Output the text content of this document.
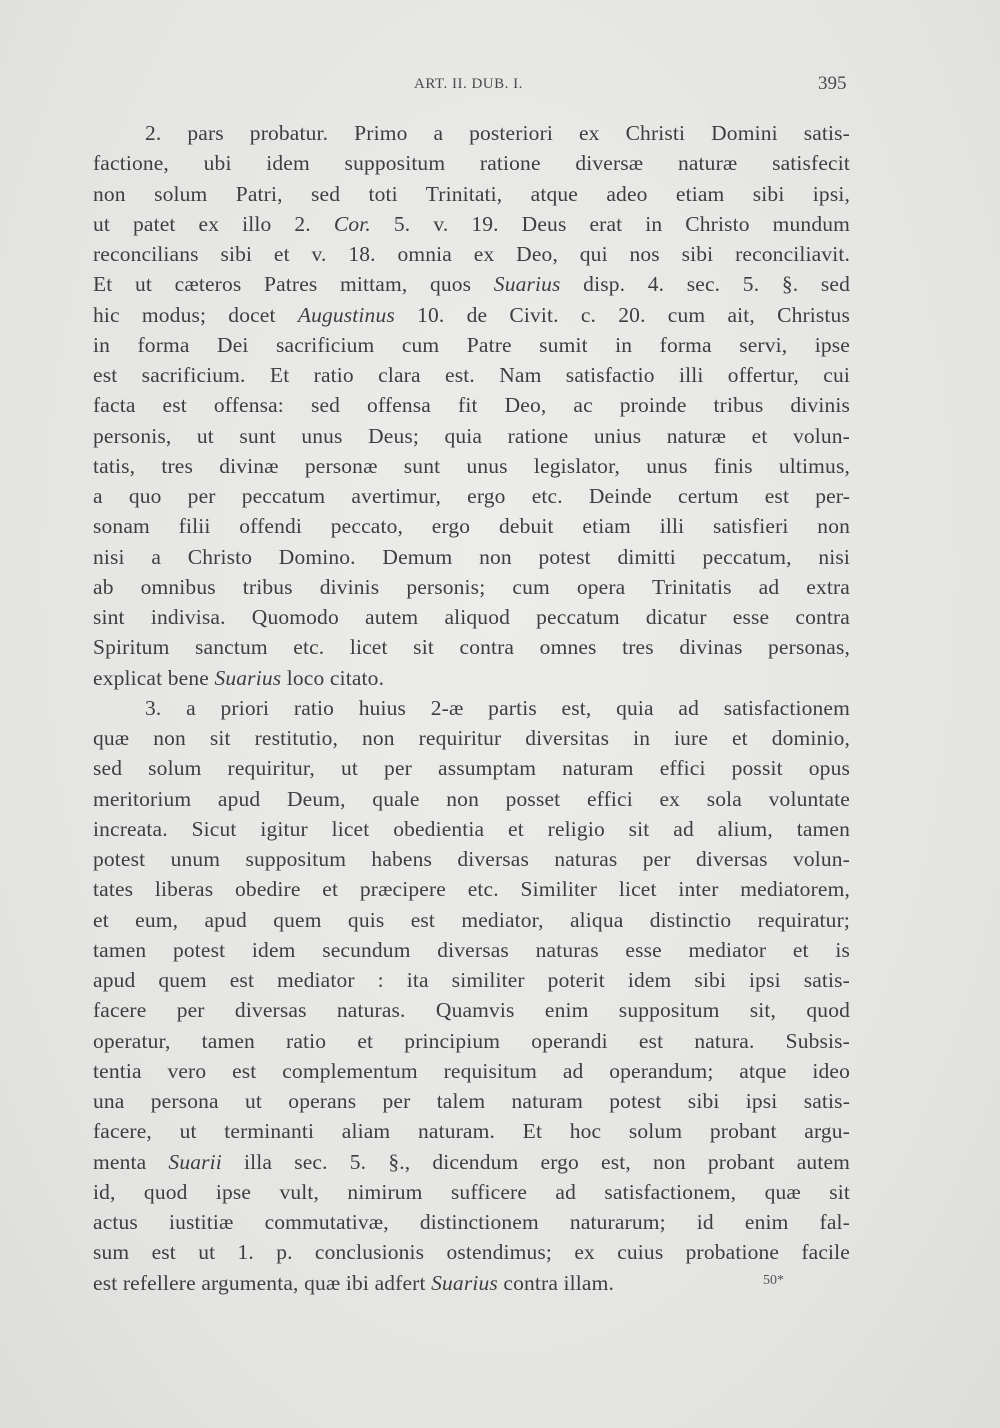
ART. II. DUB. I.	395
2. pars probatur. Primo a posteriori ex Christi Domini satis-
factione, ubi idem suppositum ratione diversæ naturæ satisfecit
non solum Patri, sed toti Trinitati, atque adeo etiam sibi ipsi,
ut patet ex illo 2. Cor. 5. v. 19. Deus erat in Christo mundum
reconcilians sibi et v. 18. omnia ex Deo, qui nos sibi reconciliavit.
Et ut cæteros Patres mittam, quos Suarius disp. 4. sec. 5. §. sed
hic modus; docet Augustinus 10. de Civit. c. 20. cum ait, Christus
in forma Dei sacrificium cum Patre sumit in forma servi, ipse
est sacrificium. Et ratio clara est. Nam satisfactio illi offertur, cui
facta est offensa: sed offensa fit Deo, ac proinde tribus divinis
personis, ut sunt unus Deus; quia ratione unius naturæ et volun-
tatis, tres divinæ personæ sunt unus legislator, unus finis ultimus,
a quo per peccatum avertimur, ergo etc. Deinde certum est per-
sonam filii offendi peccato, ergo debuit etiam illi satisfieri non
nisi a Christo Domino. Demum non potest dimitti peccatum, nisi
ab omnibus tribus divinis personis; cum opera Trinitatis ad extra
sint indivisa. Quomodo autem aliquod peccatum dicatur esse contra
Spiritum sanctum etc. licet sit contra omnes tres divinas personas,
explicat bene Suarius loco citato.
3. a priori ratio huius 2-æ partis est, quia ad satisfactionem
quæ non sit restitutio, non requiritur diversitas in iure et dominio,
sed solum requiritur, ut per assumptam naturam effici possit opus
meritorium apud Deum, quale non posset effici ex sola voluntate
increata. Sicut igitur licet obedientia et religio sit ad alium, tamen
potest unum suppositum habens diversas naturas per diversas volun-
tates liberas obedire et præcipere etc. Similiter licet inter mediatorem,
et eum, apud quem quis est mediator, aliqua distinctio requiratur;
tamen potest idem secundum diversas naturas esse mediator et is
apud quem est mediator : ita similiter poterit idem sibi ipsi satis-
facere per diversas naturas. Quamvis enim suppositum sit, quod
operatur, tamen ratio et principium operandi est natura. Subsis-
tentia vero est complementum requisitum ad operandum; atque ideo
una persona ut operans per talem naturam potest sibi ipsi satis-
facere, ut terminanti aliam naturam. Et hoc solum probant argu-
menta Suarii illa sec. 5. §., dicendum ergo est, non probant autem
id, quod ipse vult, nimirum sufficere ad satisfactionem, quæ sit
actus iustitiæ commutativæ, distinctionem naturarum; id enim fal-
sum est ut 1. p. conclusionis ostendimus; ex cuius probatione facile
est refellere argumenta, quæ ibi adfert Suarius contra illam.	50*
